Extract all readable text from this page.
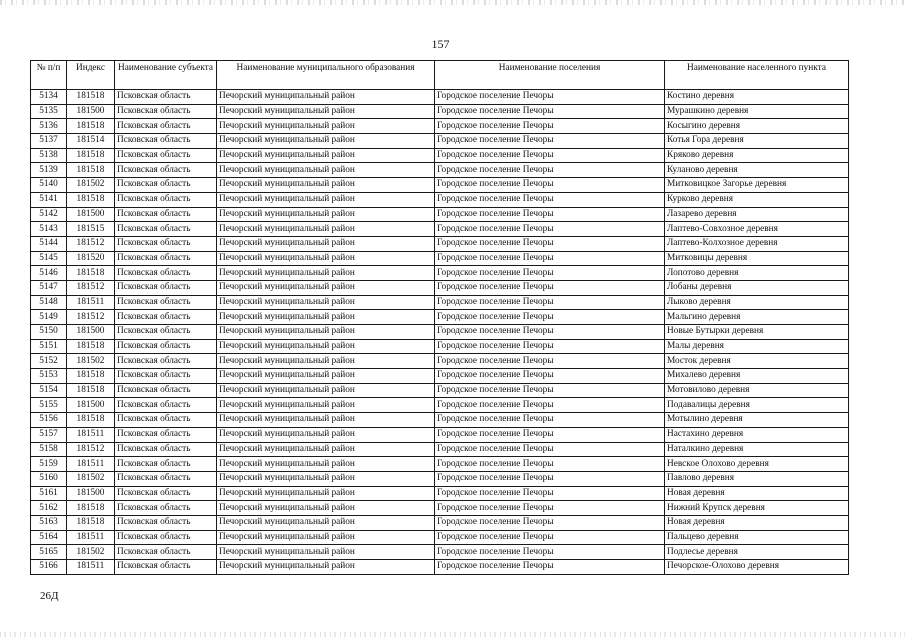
157
№ п/п	Индекс	Наименование субъекта	Наименование муниципального образования	Наименование поселения	Наименование населенного пункта
5134	181518	Псковская область	Печорский муниципальный район	Городское поселение Печоры	Костино деревня
5135	181500	Псковская область	Печорский муниципальный район	Городское поселение Печоры	Мурашкино деревня
5136	181518	Псковская область	Печорский муниципальный район	Городское поселение Печоры	Косыгино деревня
5137	181514	Псковская область	Печорский муниципальный район	Городское поселение Печоры	Котья Гора деревня
5138	181518	Псковская область	Печорский муниципальный район	Городское поселение Печоры	Кряково деревня
5139	181518	Псковская область	Печорский муниципальный район	Городское поселение Печоры	Куланово деревня
5140	181502	Псковская область	Печорский муниципальный район	Городское поселение Печоры	Митковицкое Загорье деревня
5141	181518	Псковская область	Печорский муниципальный район	Городское поселение Печоры	Курково деревня
5142	181500	Псковская область	Печорский муниципальный район	Городское поселение Печоры	Лазарево деревня
5143	181515	Псковская область	Печорский муниципальный район	Городское поселение Печоры	Лаптево-Совхозное деревня
5144	181512	Псковская область	Печорский муниципальный район	Городское поселение Печоры	Лаптево-Колхозное деревня
5145	181520	Псковская область	Печорский муниципальный район	Городское поселение Печоры	Митковицы деревня
5146	181518	Псковская область	Печорский муниципальный район	Городское поселение Печоры	Лопотово деревня
5147	181512	Псковская область	Печорский муниципальный район	Городское поселение Печоры	Лобаны деревня
5148	181511	Псковская область	Печорский муниципальный район	Городское поселение Печоры	Лыково деревня
5149	181512	Псковская область	Печорский муниципальный район	Городское поселение Печоры	Мальгино деревня
5150	181500	Псковская область	Печорский муниципальный район	Городское поселение Печоры	Новые Бутырки деревня
5151	181518	Псковская область	Печорский муниципальный район	Городское поселение Печоры	Малы деревня
5152	181502	Псковская область	Печорский муниципальный район	Городское поселение Печоры	Мосток деревня
5153	181518	Псковская область	Печорский муниципальный район	Городское поселение Печоры	Михалево деревня
5154	181518	Псковская область	Печорский муниципальный район	Городское поселение Печоры	Мотовилово деревня
5155	181500	Псковская область	Печорский муниципальный район	Городское поселение Печоры	Подавалицы деревня
5156	181518	Псковская область	Печорский муниципальный район	Городское поселение Печоры	Мотылино деревня
5157	181511	Псковская область	Печорский муниципальный район	Городское поселение Печоры	Настахино деревня
5158	181512	Псковская область	Печорский муниципальный район	Городское поселение Печоры	Наталкино деревня
5159	181511	Псковская область	Печорский муниципальный район	Городское поселение Печоры	Невское Олохово деревня
5160	181502	Псковская область	Печорский муниципальный район	Городское поселение Печоры	Павлово деревня
5161	181500	Псковская область	Печорский муниципальный район	Городское поселение Печоры	Новая деревня
5162	181518	Псковская область	Печорский муниципальный район	Городское поселение Печоры	Нижний Крупск деревня
5163	181518	Псковская область	Печорский муниципальный район	Городское поселение Печоры	Новая деревня
5164	181511	Псковская область	Печорский муниципальный район	Городское поселение Печоры	Пальцево деревня
5165	181502	Псковская область	Печорский муниципальный район	Городское поселение Печоры	Подлесье деревня
5166	181511	Псковская область	Печорский муниципальный район	Городское поселение Печоры	Печорское-Олохово деревня
26Д
